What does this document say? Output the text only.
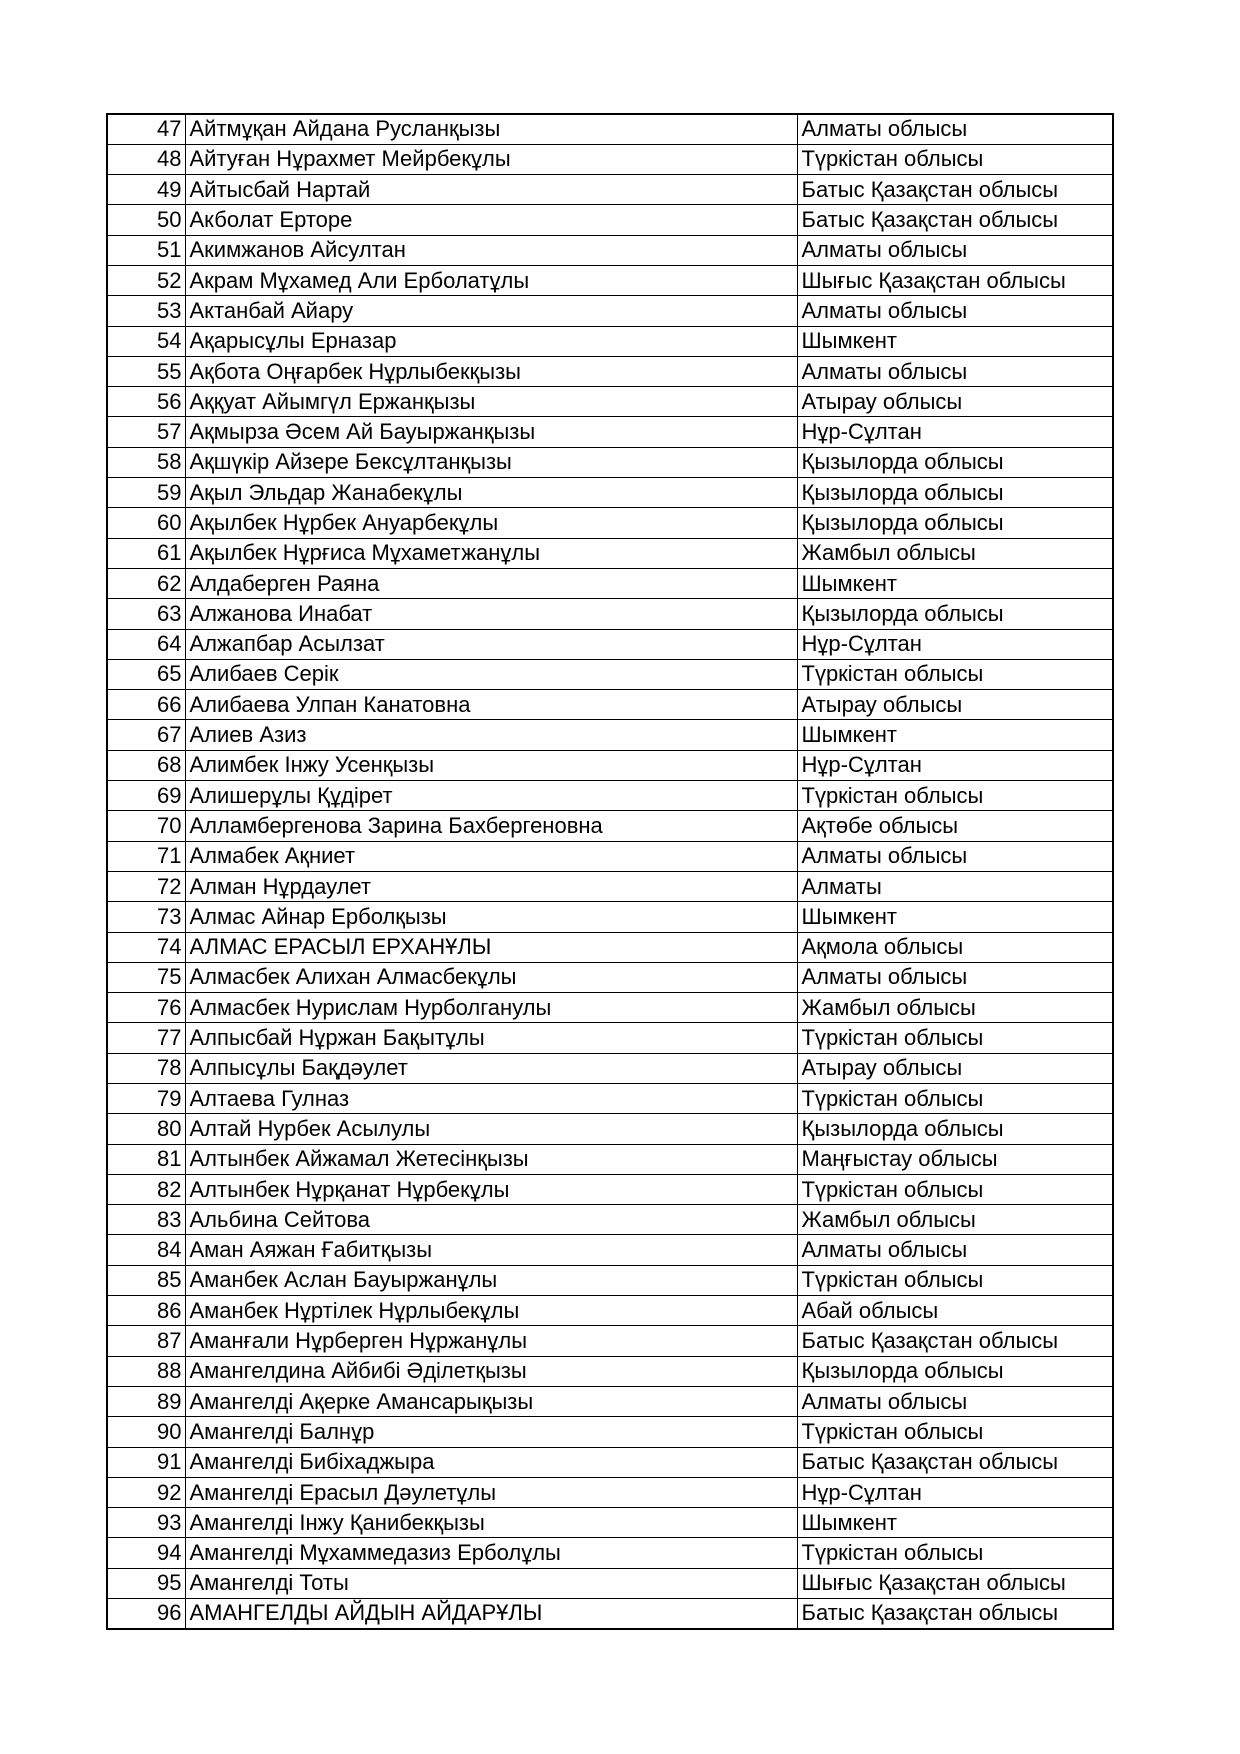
47	Айтмұқан Айдана Русланқызы	Алматы облысы
48	Айтуған Нұрахмет Мейрбекұлы	Түркістан облысы
49	Айтысбай Нартай	Батыс Қазақстан облысы
50	Акболат Ерторе	Батыс Қазақстан облысы
51	Акимжанов Айсултан	Алматы облысы
52	Акрам Мұхамед Али Ерболатұлы	Шығыс Қазақстан облысы
53	Актанбай Айару	Алматы облысы
54	Ақарысұлы Ерназар	Шымкент
55	Ақбота Оңғарбек Нұрлыбекқызы	Алматы облысы
56	Аққуат Айымгүл Ержанқызы	Атырау облысы
57	Ақмырза Әсем Ай Бауыржанқызы	Нұр-Сұлтан
58	Ақшүкір Айзере Бексұлтанқызы	Қызылорда облысы
59	Ақыл Эльдар Жанабекұлы	Қызылорда облысы
60	Ақылбек Нұрбек Ануарбекұлы	Қызылорда облысы
61	Ақылбек Нұрғиса Мұхаметжанұлы	Жамбыл облысы
62	Алдаберген Раяна	Шымкент
63	Алжанова Инабат	Қызылорда облысы
64	Алжапбар Асылзат	Нұр-Сұлтан
65	Алибаев Серік	Түркістан облысы
66	Алибаева Улпан Канатовна	Атырау облысы
67	Алиев Азиз	Шымкент
68	Алимбек Інжу Усенқызы	Нұр-Сұлтан
69	Алишерұлы Құдірет	Түркістан облысы
70	Алламбергенова Зарина Бахбергеновна	Ақтөбе облысы
71	Алмабек Ақниет	Алматы облысы
72	Алман Нұрдаулет	Алматы
73	Алмас Айнар Ерболқызы	Шымкент
74	АЛМАС ЕРАСЫЛ ЕРХАНҰЛЫ	Ақмола облысы
75	Алмасбек Алихан Алмасбекұлы	Алматы облысы
76	Алмасбек Нурислам Нурболганулы	Жамбыл облысы
77	Алпысбай Нұржан Бақытұлы	Түркістан облысы
78	Алпысұлы Бақдәулет	Атырау облысы
79	Алтаева Гулназ	Түркістан облысы
80	Алтай Нурбек Асылулы	Қызылорда облысы
81	Алтынбек Айжамал Жетесінқызы	Маңғыстау облысы
82	Алтынбек Нұрқанат Нұрбекұлы	Түркістан облысы
83	Альбина Сейтова	Жамбыл облысы
84	Аман Аяжан Ғабитқызы	Алматы облысы
85	Аманбек Аслан Бауыржанұлы	Түркістан облысы
86	Аманбек Нұртілек Нұрлыбекұлы	Абай облысы
87	Аманғали Нұрберген Нұржанұлы	Батыс Қазақстан облысы
88	Амангелдина Айбибі Әділетқызы	Қызылорда облысы
89	Амангелді Ақерке Амансарықызы	Алматы облысы
90	Амангелді Балнұр	Түркістан облысы
91	Амангелді Бибіхаджыра	Батыс Қазақстан облысы
92	Амангелді Ерасыл Дәулетұлы	Нұр-Сұлтан
93	Амангелді Інжу Қанибекқызы	Шымкент
94	Амангелді Мұхаммедазиз Ерболұлы	Түркістан облысы
95	Амангелді Тоты	Шығыс Қазақстан облысы
96	АМАНГЕЛДЫ АЙДЫН АЙДАРҰЛЫ	Батыс Қазақстан облысы
